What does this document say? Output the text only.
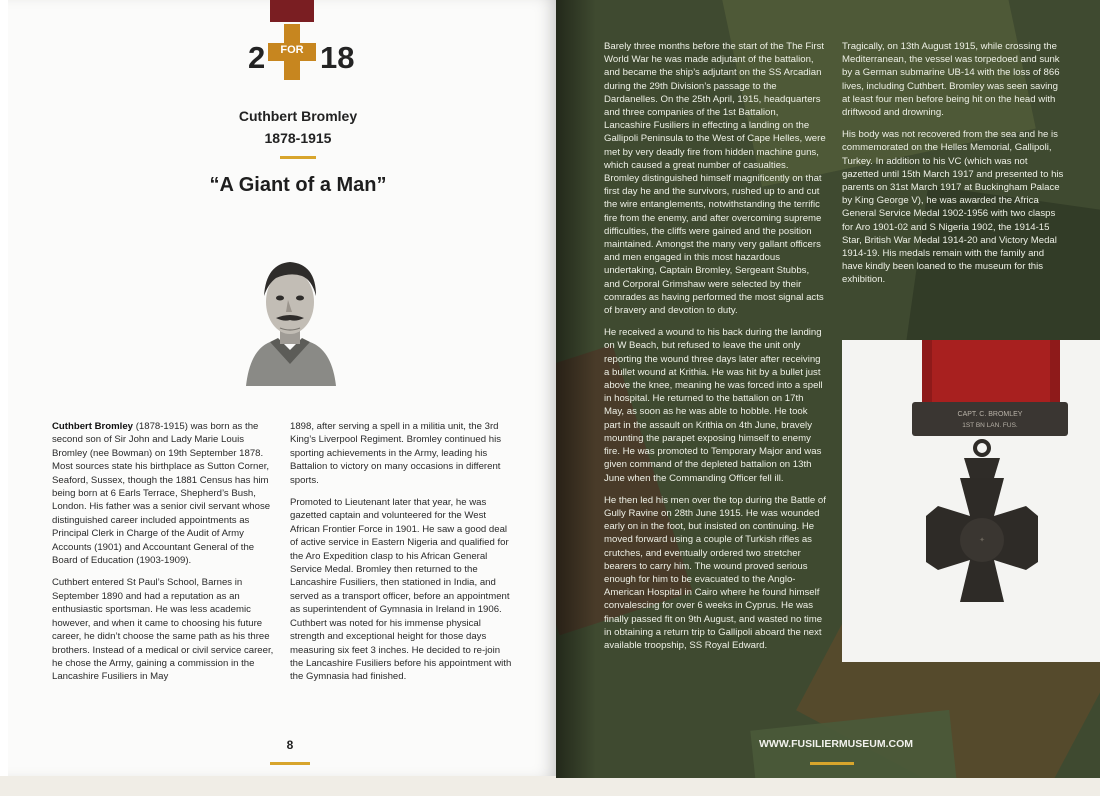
FOR
2 18
Cuthbert Bromley
1878-1915
“A Giant of a Man”

Cuthbert Bromley (1878-1915) was born as the second son of Sir John and Lady Marie Louis Bromley (nee Bowman) on 19th September 1878. Most sources state his birthplace as Sutton Corner, Seaford, Sussex, though the 1881 Census has him being born at 6 Earls Terrace, Shepherd’s Bush, London. His father was a senior civil servant whose distinguished career included appointments as Principal Clerk in Charge of the Audit of Army Accounts (1901) and Accountant General of the Board of Education (1903-1909).

Cuthbert entered St Paul’s School, Barnes in September 1890 and had a reputation as an enthusiastic sportsman. He was less academic however, and when it came to choosing his future career, he didn’t choose the same path as his three brothers. Instead of a medical or civil service career, he chose the Army, gaining a commission in the Lancashire Fusiliers in May

1898, after serving a spell in a militia unit, the 3rd King’s Liverpool Regiment. Bromley continued his sporting achievements in the Army, leading his Battalion to victory on many occasions in different sports.

Promoted to Lieutenant later that year, he was gazetted captain and volunteered for the West African Frontier Force in 1901. He saw a good deal of active service in Eastern Nigeria and qualified for the Aro Expedition clasp to his African General Service Medal. Bromley then returned to the Lancashire Fusiliers, then stationed in India, and served as a transport officer, before an appointment as superintendent of Gymnasia in Ireland in 1906. Cuthbert was noted for his immense physical strength and exceptional height for those days measuring six feet 3 inches. He decided to re-join the Lancashire Fusiliers before his appointment with the Gymnasia had finished.

8

Barely three months before the start of the The First World War he was made adjutant of the battalion, and became the ship’s adjutant on the SS Arcadian during the 29th Division’s passage to the Dardanelles. On the 25th April, 1915, headquarters and three companies of the 1st Battalion, Lancashire Fusiliers in effecting a landing on the Gallipoli Peninsula to the West of Cape Helles, were met by very deadly fire from hidden machine guns, which caused a great number of casualties. Bromley distinguished himself magnificently on that first day he and the survivors, rushed up to and cut the wire entanglements, notwithstanding the terrific fire from the enemy, and after overcoming supreme difficulties, the cliffs were gained and the position maintained. Amongst the many very gallant officers and men engaged in this most hazardous undertaking, Captain Bromley, Sergeant Stubbs, and Corporal Grimshaw were selected by their comrades as having performed the most signal acts of bravery and devotion to duty.

He received a wound to his back during the landing on W Beach, but refused to leave the unit only reporting the wound three days later after receiving a bullet wound at Krithia. He was hit by a bullet just above the knee, meaning he was forced into a spell in hospital. He returned to the battalion on 17th May, as soon as he was able to hobble. He took part in the assault on Krithia on 4th June, bravely mounting the parapet exposing himself to enemy fire. He was promoted to Temporary Major and was given command of the depleted battalion on 13th June when the Commanding Officer fell ill.

He then led his men over the top during the Battle of Gully Ravine on 28th June 1915. He was wounded early on in the foot, but insisted on continuing. He moved forward using a couple of Turkish rifles as crutches, and eventually ordered two stretcher bearers to carry him. The wound proved serious enough for him to be evacuated to the Anglo-American Hospital in Cairo where he found himself convalescing for over 6 weeks in Cyprus. He was finally passed fit on 9th August, and wasted no time in obtaining a return trip to Gallipoli aboard the next available troopship, SS Royal Edward.

Tragically, on 13th August 1915, while crossing the Mediterranean, the vessel was torpedoed and sunk by a German submarine UB-14 with the loss of 866 lives, including Cuthbert. Bromley was seen saving at least four men before being hit on the head with driftwood and drowning.

His body was not recovered from the sea and he is commemorated on the Helles Memorial, Gallipoli, Turkey. In addition to his VC (which was not gazetted until 15th March 1917 and presented to his parents on 31st March 1917 at Buckingham Palace by King George V), he was awarded the Africa General Service Medal 1902-1956 with two clasps for Aro 1901-02 and S Nigeria 1902, the 1914-15 Star, British War Medal 1914-20 and Victory Medal 1914-19. His medals remain with the family and have kindly been loaned to the museum for this exhibition.

CAPT. C. BROMLEY
1ST BN LAN. FUS.
✦
WWW.FUSILIERMUSEUM.COM
